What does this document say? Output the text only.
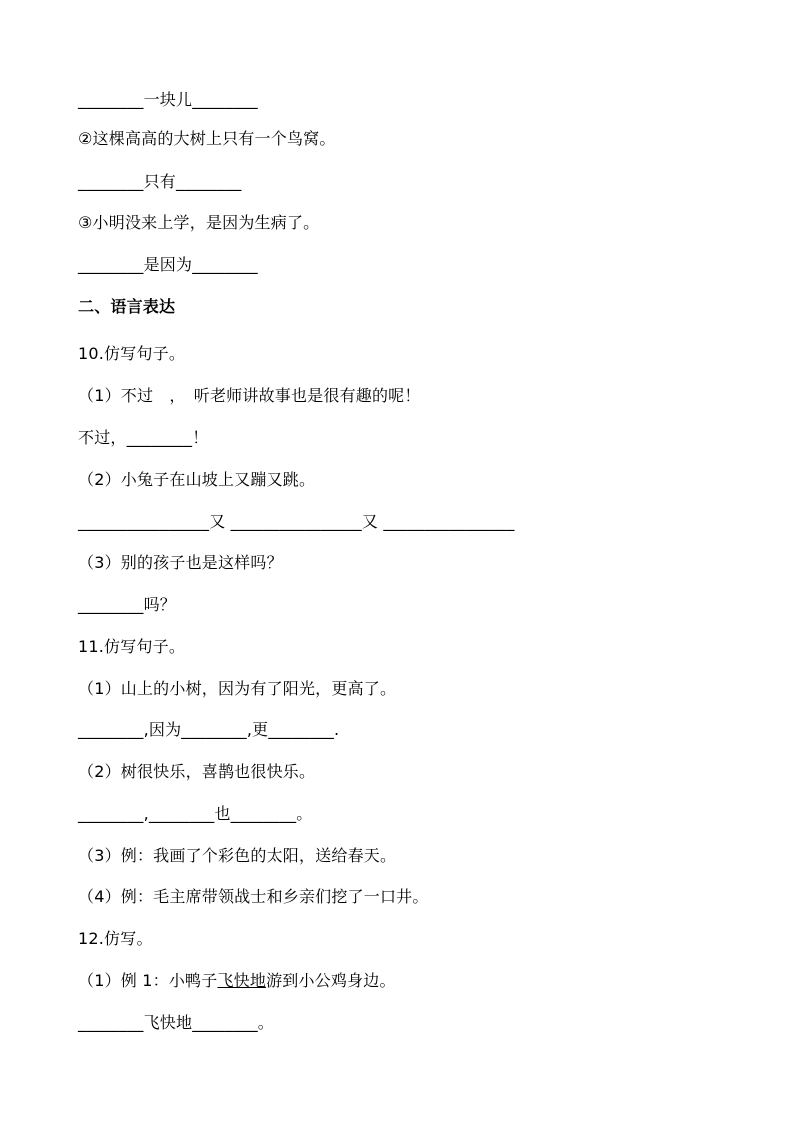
________一块儿________
②这棵高高的大树上只有一个鸟窝。
________只有________
③小明没来上学，是因为生病了。
________是因为________
二、语言表达
10.仿写句子。
（1）不过　，　听老师讲故事也是很有趣的呢！
不过，________！
（2）小兔子在山坡上又蹦又跳。
________________又 ________________又 ________________
（3）别的孩子也是这样吗？
________吗？
11.仿写句子。
（1）山上的小树，因为有了阳光，更高了。
________,因为________,更________.
（2）树很快乐，喜鹊也很快乐。
________,________也________。
（3）例：我画了个彩色的太阳，送给春天。
（4）例：毛主席带领战士和乡亲们挖了一口井。
12.仿写。
（1）例 1：小鸭子飞快地游到小公鸡身边。
________飞快地________。
